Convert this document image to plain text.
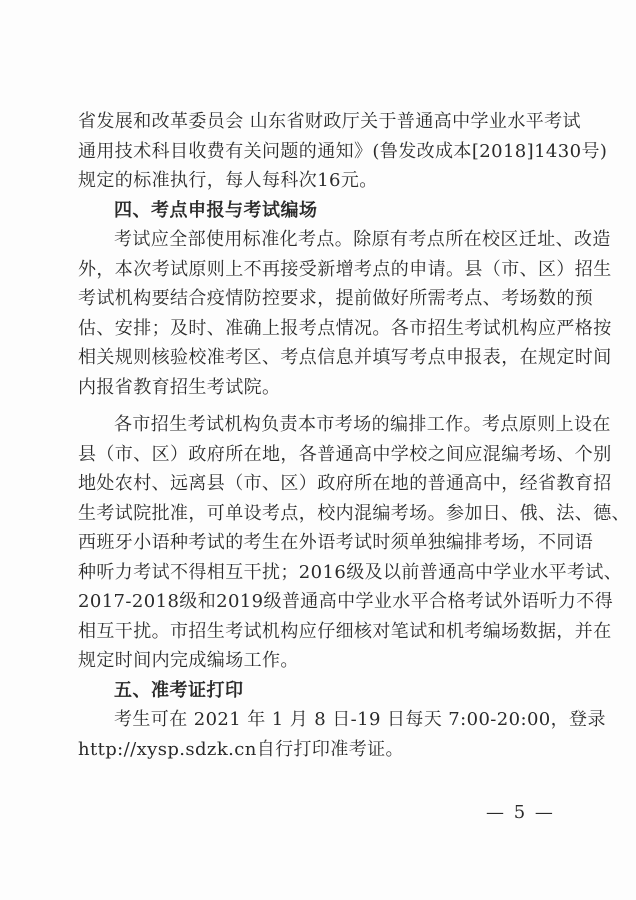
省发展和改革委员会 山东省财政厅关于普通高中学业水平考试
通用技术科目收费有关问题的通知》(鲁发改成本[2018]1430号)
规定的标准执行，每人每科次16元。
四、考点申报与考试编场
考试应全部使用标准化考点。除原有考点所在校区迁址、改造
外，本次考试原则上不再接受新增考点的申请。县（市、区）招生
考试机构要结合疫情防控要求，提前做好所需考点、考场数的预
估、安排；及时、准确上报考点情况。各市招生考试机构应严格按
相关规则核验校准考区、考点信息并填写考点申报表，在规定时间
内报省教育招生考试院。
各市招生考试机构负责本市考场的编排工作。考点原则上设在
县（市、区）政府所在地，各普通高中学校之间应混编考场、个别
地处农村、远离县（市、区）政府所在地的普通高中，经省教育招
生考试院批准，可单设考点，校内混编考场。参加日、俄、法、德、
西班牙小语种考试的考生在外语考试时须单独编排考场，不同语
种听力考试不得相互干扰；2016级及以前普通高中学业水平考试、
2017-2018级和2019级普通高中学业水平合格考试外语听力不得
相互干扰。市招生考试机构应仔细核对笔试和机考编场数据，并在
规定时间内完成编场工作。
五、准考证打印
考生可在 2021 年 1 月 8 日-19 日每天 7:00-20:00，登录
http://xysp.sdzk.cn自行打印准考证。
— 5 —
